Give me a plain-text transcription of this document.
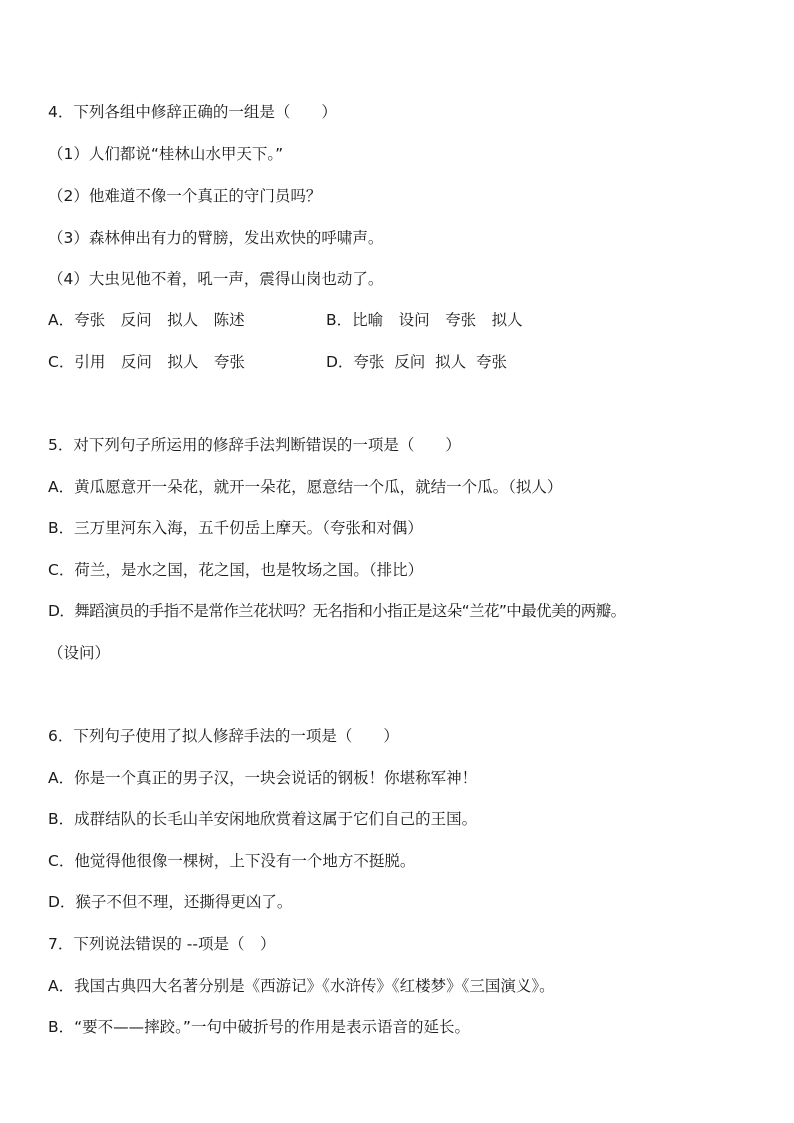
4．下列各组中修辞正确的一组是（　　）
（1）人们都说“桂林山水甲天下。”
（2）他难道不像一个真正的守门员吗？
（3）森林伸出有力的臂膀，发出欢快的呼啸声。
（4）大虫见他不着，吼一声，震得山岗也动了。
A．夸张　反问　拟人　陈述	B．比喻　设问　夸张　拟人
C．引用　反问　拟人　夸张	D．夸张  反问  拟人  夸张
5．对下列句子所运用的修辞手法判断错误的一项是（　　）
A．黄瓜愿意开一朵花，就开一朵花，愿意结一个瓜，就结一个瓜。（拟人）
B．三万里河东入海，五千仞岳上摩天。（夸张和对偶）
C．荷兰，是水之国，花之国，也是牧场之国。（排比）
D．舞蹈演员的手指不是常作兰花状吗？无名指和小指正是这朵“兰花”中最优美的两瓣。
（设问）
6．下列句子使用了拟人修辞手法的一项是（　　）
A．你是一个真正的男子汉，一块会说话的钢板！你堪称军神！
B．成群结队的长毛山羊安闲地欣赏着这属于它们自己的王国。
C．他觉得他很像一棵树，上下没有一个地方不挺脱。
D．猴子不但不理，还撕得更凶了。
7．下列说法错误的 --项是（　）
A．我国古典四大名著分别是《西游记》《水浒传》《红楼梦》《三国演义》。
B．“要不——摔跤。”一句中破折号的作用是表示语音的延长。
